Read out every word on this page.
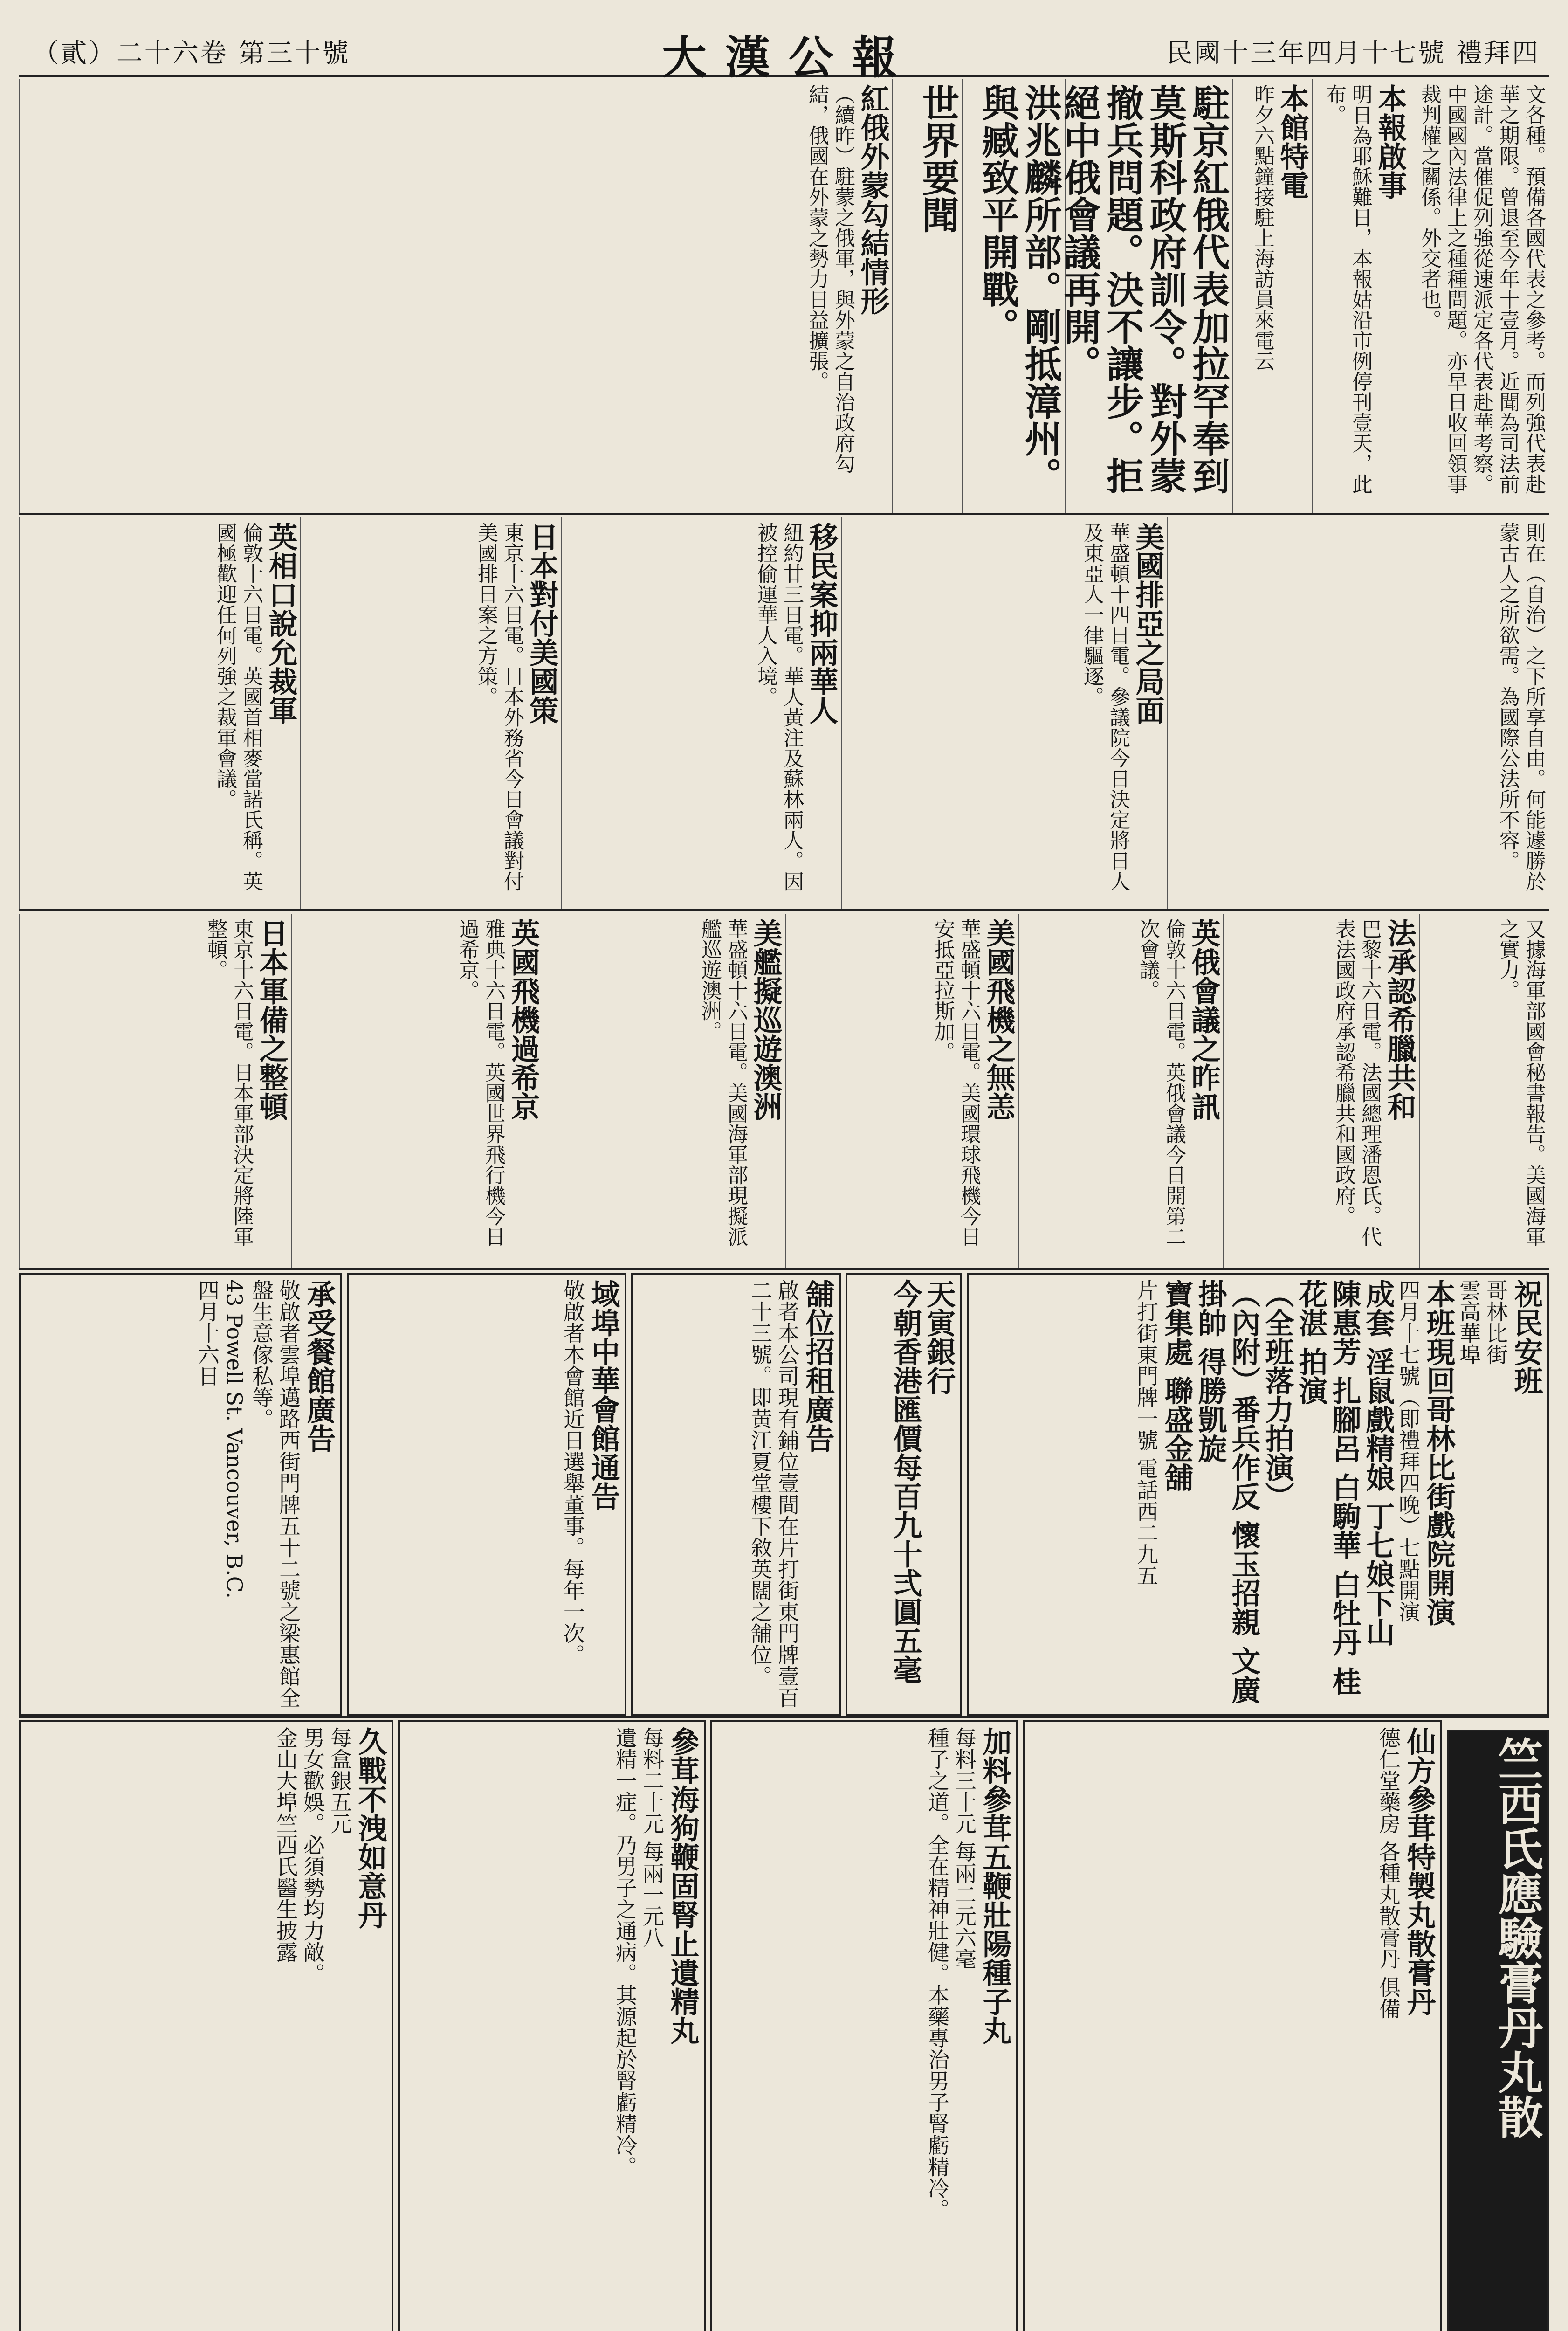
（貳）二十六卷 第三十號	大漢公報	民國十三年四月十七號 禮拜四
文各種。預備各國代表之參考。而列強代表赴華之期限。曾退至今年十壹月。近聞為司法前途計。當催促列強從速派定各代表赴華考察。中國國內法律上之種種問題。亦早日收回領事裁判權之關係。外交者也。
本報啟事
明日為耶穌難日，本報姑沿市例停刊壹天，此布。
本館特電
昨夕六點鐘接駐上海訪員來電云
駐京紅俄代表加拉罕奉到莫斯科政府訓令。對外蒙撤兵問題。決不讓步。拒絕中俄會議再開。
洪兆麟所部。剛抵漳州。與臧致平開戰。
世界要聞
紅俄外蒙勾結情形
（續昨）駐蒙之俄軍，與外蒙之自治政府勾結，俄國在外蒙之勢力日益擴張。
則在（自治）之下所享自由。何能遽勝於蒙古人之所欲需。為國際公法所不容。
美國排亞之局面
華盛頓十四日電。參議院今日決定將日人及東亞人一律驅逐。
移民案抑兩華人
紐約廿三日電。華人黃注及蘇林兩人。因被控偷運華人入境。
日本對付美國策
東京十六日電。日本外務省今日會議對付美國排日案之方策。
英相口說允裁軍
倫敦十六日電。英國首相麥當諾氏稱。英國極歡迎任何列強之裁軍會議。
又據海軍部國會秘書報告。美國海軍之實力。
法承認希臘共和
巴黎十六日電。法國總理潘恩氏。代表法國政府承認希臘共和國政府。
英俄會議之昨訊
倫敦十六日電。英俄會議今日開第二次會議。
美國飛機之無恙
華盛頓十六日電。美國環球飛機今日安抵亞拉斯加。
美艦擬巡遊澳洲
華盛頓十六日電。美國海軍部現擬派艦巡遊澳洲。
英國飛機過希京
雅典十六日電。英國世界飛行機今日過希京。
日本軍備之整頓
東京十六日電。日本軍部決定將陸軍整頓。
祝民安班
哥林比街
雲高華埠
本班現回哥林比街戲院開演
四月十七號（即禮拜四晚）七點開演
成套 淫鼠戲精娘 丁七娘下山
陳惠芳 扎腳呂 白駒華 白牡丹 桂花湛 拍演
（全班落力拍演）
（內附）番兵作反 懷玉招親 文廣掛帥 得勝凱旋
寶集處 聯盛金舖
片打街東門牌一號 電話西二九五
天寅銀行
今朝香港匯價每百九十弍圓五毫
舖位招租廣告
啟者本公司現有鋪位壹間在片打街東門牌壹百二十三號。即黃江夏堂樓下敘英闊之舖位。
域埠中華會館通告
敬啟者本會館近日選舉董事。每年一次。
承受餐館廣告
敬啟者雲埠邁路西街門牌五十二號之梁惠館全盤生意傢私等。
43 Powell St. Vancouver, B.C.
四月十六日
竺西氏應驗膏丹丸散
仙方參茸特製丸散膏丹
德仁堂藥房 各種丸散膏丹 俱備
加料參茸五鞭壯陽種子丸
每料三十元 每兩二元六毫
種子之道。全在精神壯健。本藥專治男子腎虧精冷。
參茸海狗鞭固腎止遺精丸
每料二十元 每兩一元八
遺精一症。乃男子之通病。其源起於腎虧精冷。
久戰不洩如意丹
每盒銀五元
男女歡娛。必須勢均力敵。
金山大埠竺西氏醫生披露
